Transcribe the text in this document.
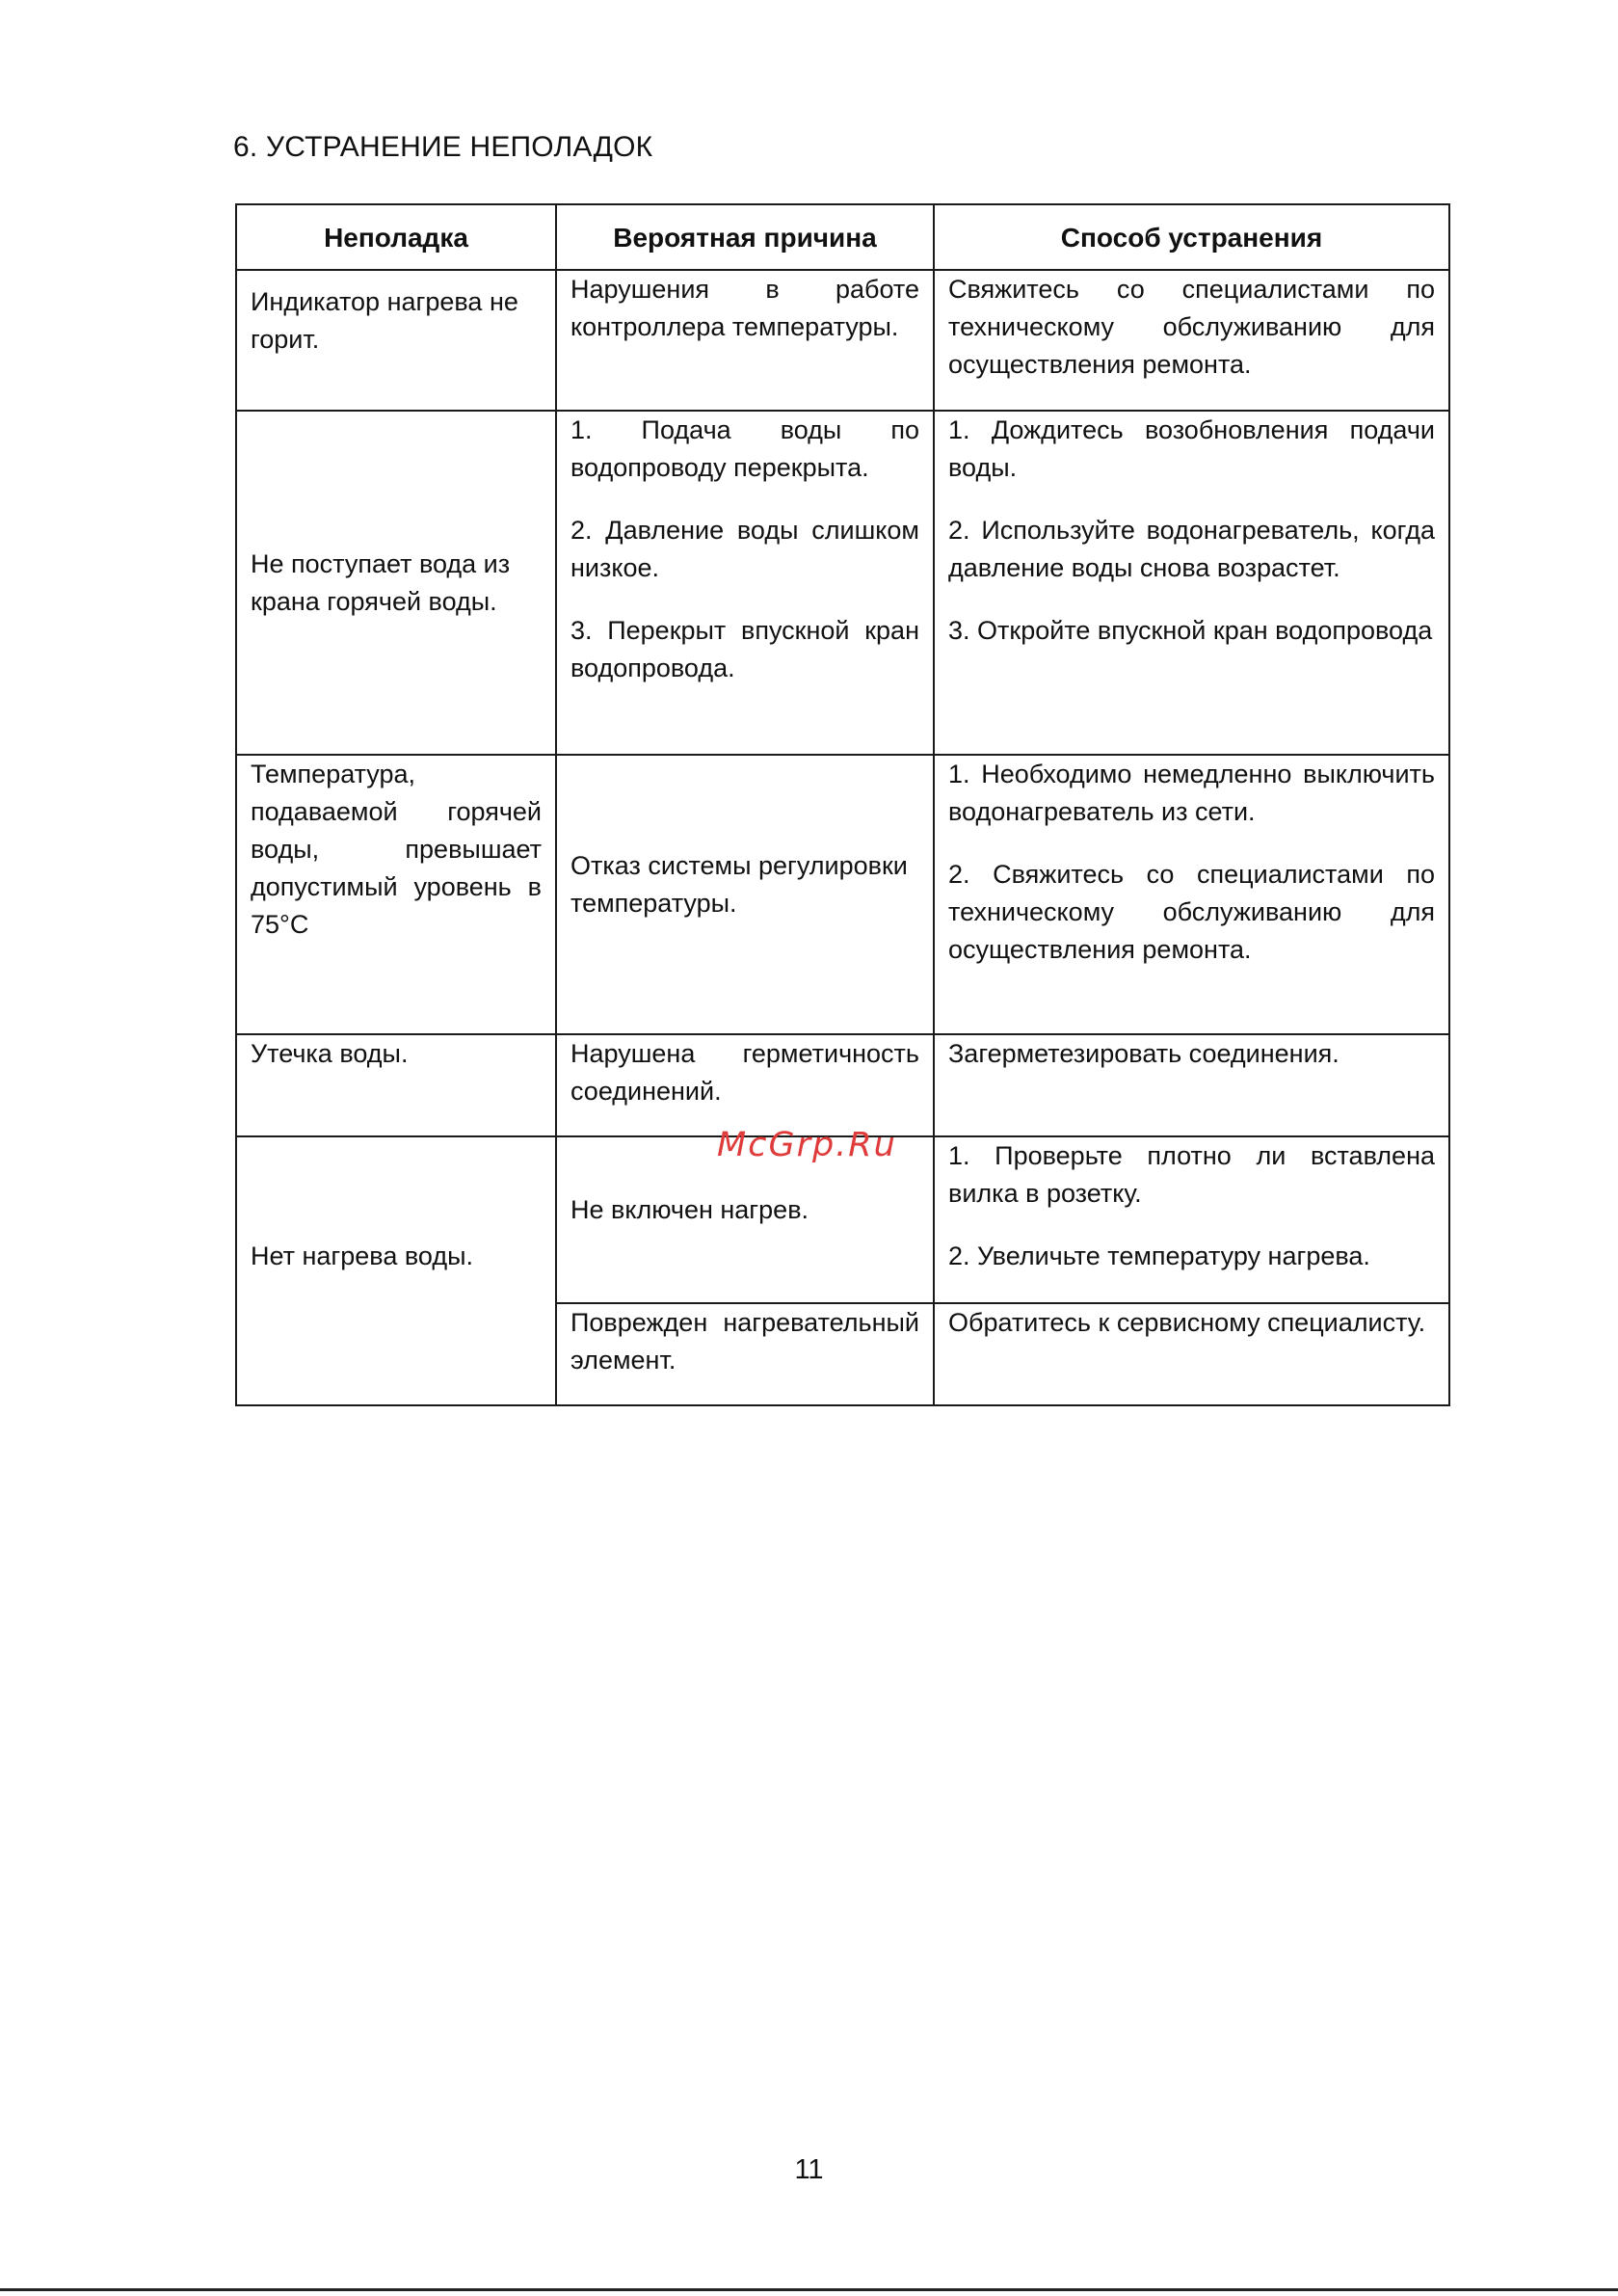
6. УСТРАНЕНИЕ НЕПОЛАДОК
Неполадка	Вероятная причина	Способ устранения

Индикатор нагрева не горит.	Нарушения в работе контроллера температуры.	Свяжитесь со специалистами по техническому обслуживанию для осуществления ремонта.

Не поступает вода из крана горячей воды.	1. Подача воды по водопроводу перекрыта.
2. Давление воды слишком низкое.
3. Перекрыт впускной кран водопровода.	1. Дождитесь возобновления подачи воды.
2. Используйте водонагреватель, когда давление воды снова возрастет.
3. Откройте впускной кран водопровода

Температура, подаваемой горячей воды, превышает допустимый уровень в 75°C	Отказ системы регулировки температуры.	1. Необходимо немедленно выключить водонагреватель из сети.
2. Свяжитесь со специалистами по техническому обслуживанию для осуществления ремонта.

Утечка воды.	Нарушена герметичность соединений.	Загерметезировать соединения.

Нет нагрева воды.	Не включен нагрев.	1. Проверьте плотно ли вставлена вилка в розетку.
2. Увеличьте температуру нагрева.

	Поврежден нагревательный элемент.	Обратитесь к сервисному специалисту.
McGrp.Ru
11
